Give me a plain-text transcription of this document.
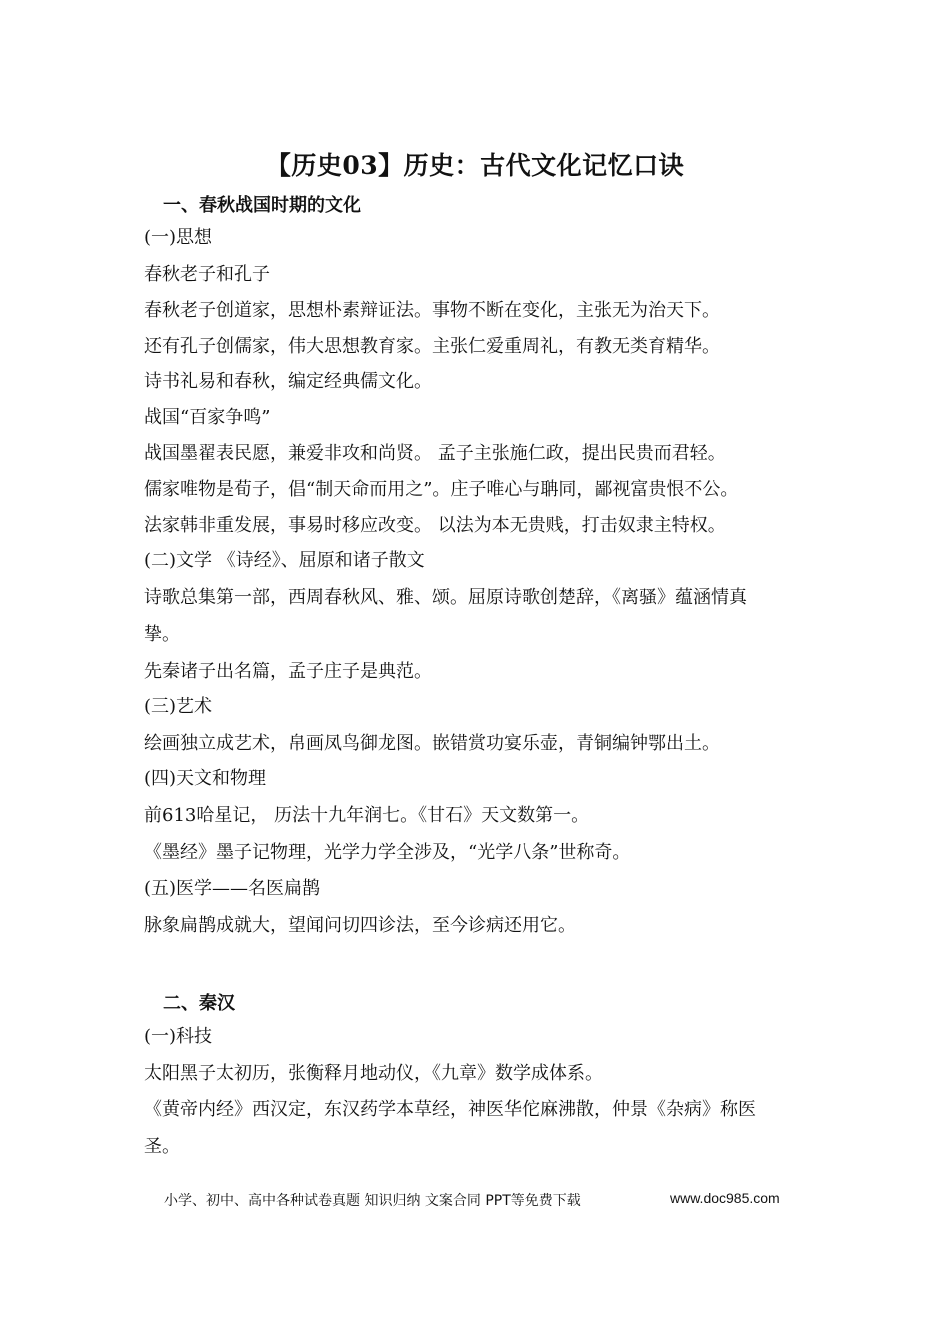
【历史03】历史：古代文化记忆口诀
一、春秋战国时期的文化
(一)思想
春秋老子和孔子
春秋老子创道家，思想朴素辩证法。事物不断在变化，主张无为治天下。
还有孔子创儒家，伟大思想教育家。主张仁爱重周礼，有教无类育精华。
诗书礼易和春秋，编定经典儒文化。
战国“百家争鸣”
战国墨翟表民愿，兼爱非攻和尚贤。 孟子主张施仁政，提出民贵而君轻。
儒家唯物是荀子，倡“制天命而用之”。庄子唯心与聃同，鄙视富贵恨不公。
法家韩非重发展，事易时移应改变。 以法为本无贵贱，打击奴隶主特权。
(二)文学 《诗经》、屈原和诸子散文
诗歌总集第一部，西周春秋风、雅、颂。屈原诗歌创楚辞，《离骚》蕴涵情真
挚。
先秦诸子出名篇，孟子庄子是典范。
(三)艺术
绘画独立成艺术，帛画凤鸟御龙图。嵌错赏功宴乐壶，青铜编钟鄂出土。
(四)天文和物理
前613哈星记， 历法十九年润七。《甘石》天文数第一。
《墨经》墨子记物理，光学力学全涉及，“光学八条”世称奇。
(五)医学——名医扁鹊
脉象扁鹊成就大，望闻问切四诊法，至今诊病还用它。
二、秦汉
(一)科技
太阳黑子太初历，张衡释月地动仪，《九章》数学成体系。
《黄帝内经》西汉定，东汉药学本草经，神医华佗麻沸散，仲景《杂病》称医
圣。
小学、初中、高中各种试卷真题 知识归纳 文案合同 PPT等免费下载	www.doc985.com
